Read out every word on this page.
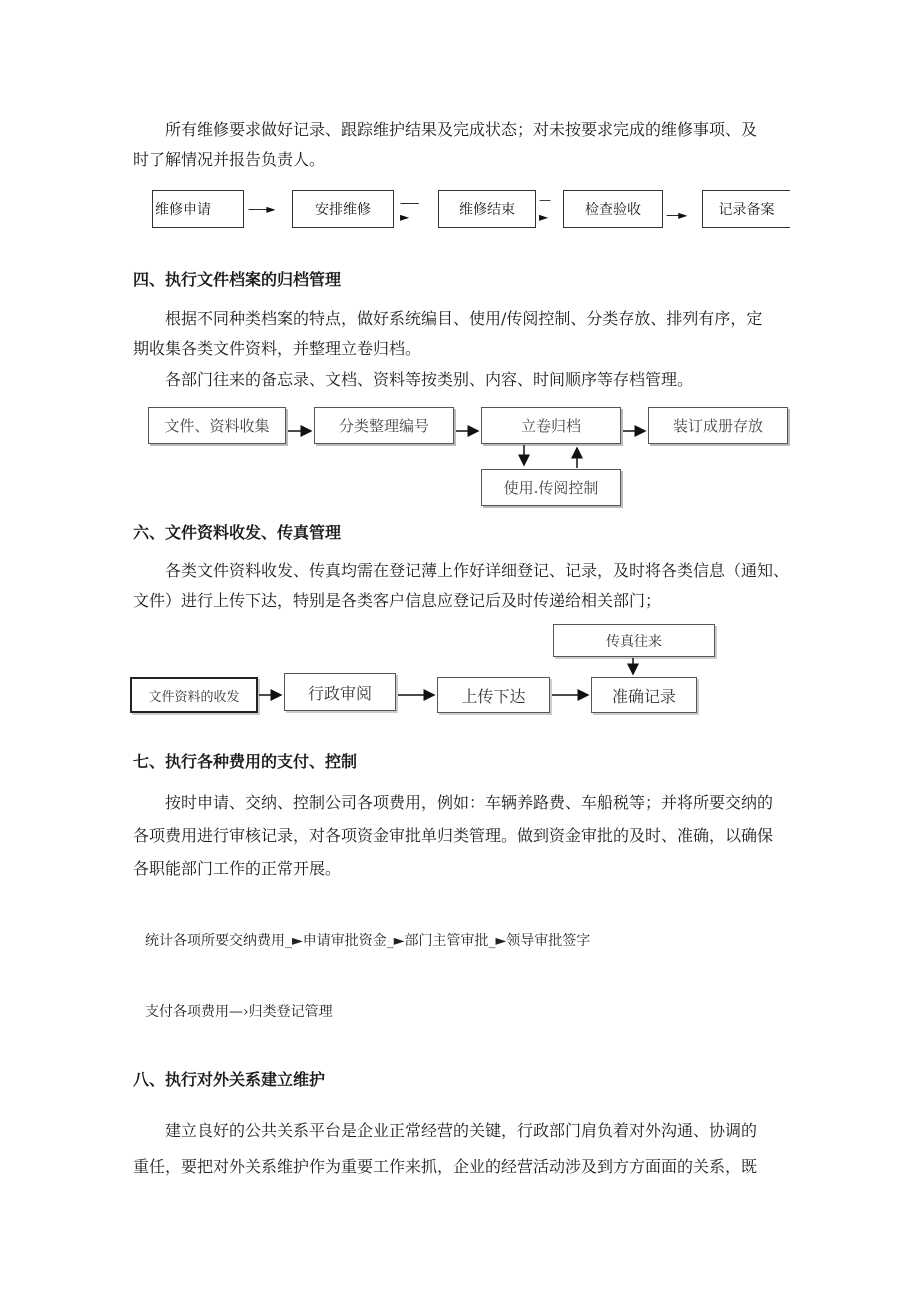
所有维修要求做好记录、跟踪维护结果及完成状态；对未按要求完成的维修事项、及
时了解情况并报告负责人。
维修申请	------►	安排维修	------
►	维修结束
—
►	检查验收	----►	记录备案
四、执行文件档案的归档管理
根据不同种类档案的特点，做好系统编目、使用/传阅控制、分类存放、排列有序，定
期收集各类文件资料，并整理立卷归档。
各部门往来的备忘录、文档、资料等按类别、内容、时间顺序等存档管理。
文件、资料收集	分类整理编号	立卷归档	装订成册存放
使用.传阅控制
六、文件资料收发、传真管理
各类文件资料收发、传真均需在登记薄上作好详细登记、记录，及时将各类信息（通知、
文件）进行上传下达，特别是各类客户信息应登记后及时传递给相关部门；
传真往来
文件资料的收发	行政审阅	上传下达	准确记录
七、执行各种费用的支付、控制
按时申请、交纳、控制公司各项费用，例如：车辆养路费、车船税等；并将所要交纳的
各项费用进行审核记录，对各项资金审批单归类管理。做到资金审批的及时、准确，以确保
各职能部门工作的正常开展。
统计各项所要交纳费用_►申请审批资金_►部门主管审批_►领导审批签字
支付各项费用—›归类登记管理
八、执行对外关系建立维护
建立良好的公共关系平台是企业正常经营的关键，行政部门肩负着对外沟通、协调的
重任，要把对外关系维护作为重要工作来抓，企业的经营活动涉及到方方面面的关系，既
